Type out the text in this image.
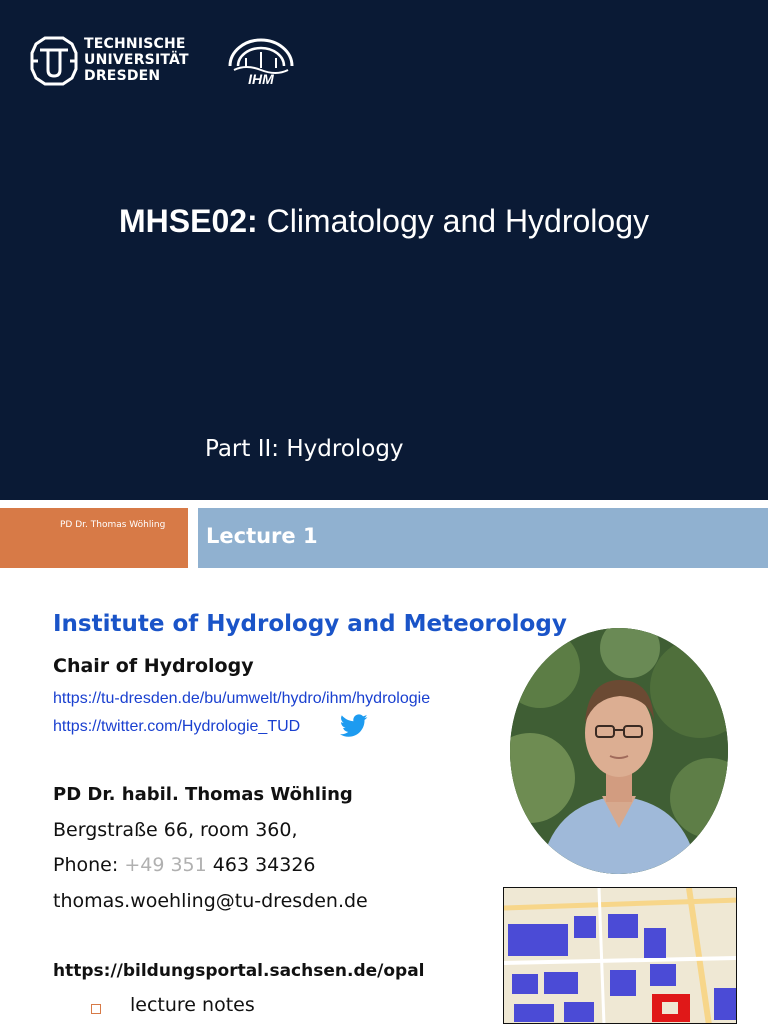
TECHNISCHE
UNIVERSITÄT
DRESDEN	IHM
MHSE02: Climatology and Hydrology
Part II: Hydrology
PD Dr. Thomas Wöhling Lecture 1
Institute of Hydrology and Meteorology
Chair of Hydrology
https://tu-dresden.de/bu/umwelt/hydro/ihm/hydrologie
https://twitter.com/Hydrologie_TUD
PD Dr. habil. Thomas Wöhling
Bergstraße 66, room 360,
Phone: +49 351 463 34326
thomas.woehling@tu-dresden.de
https://bildungsportal.sachsen.de/opal
lecture notes
